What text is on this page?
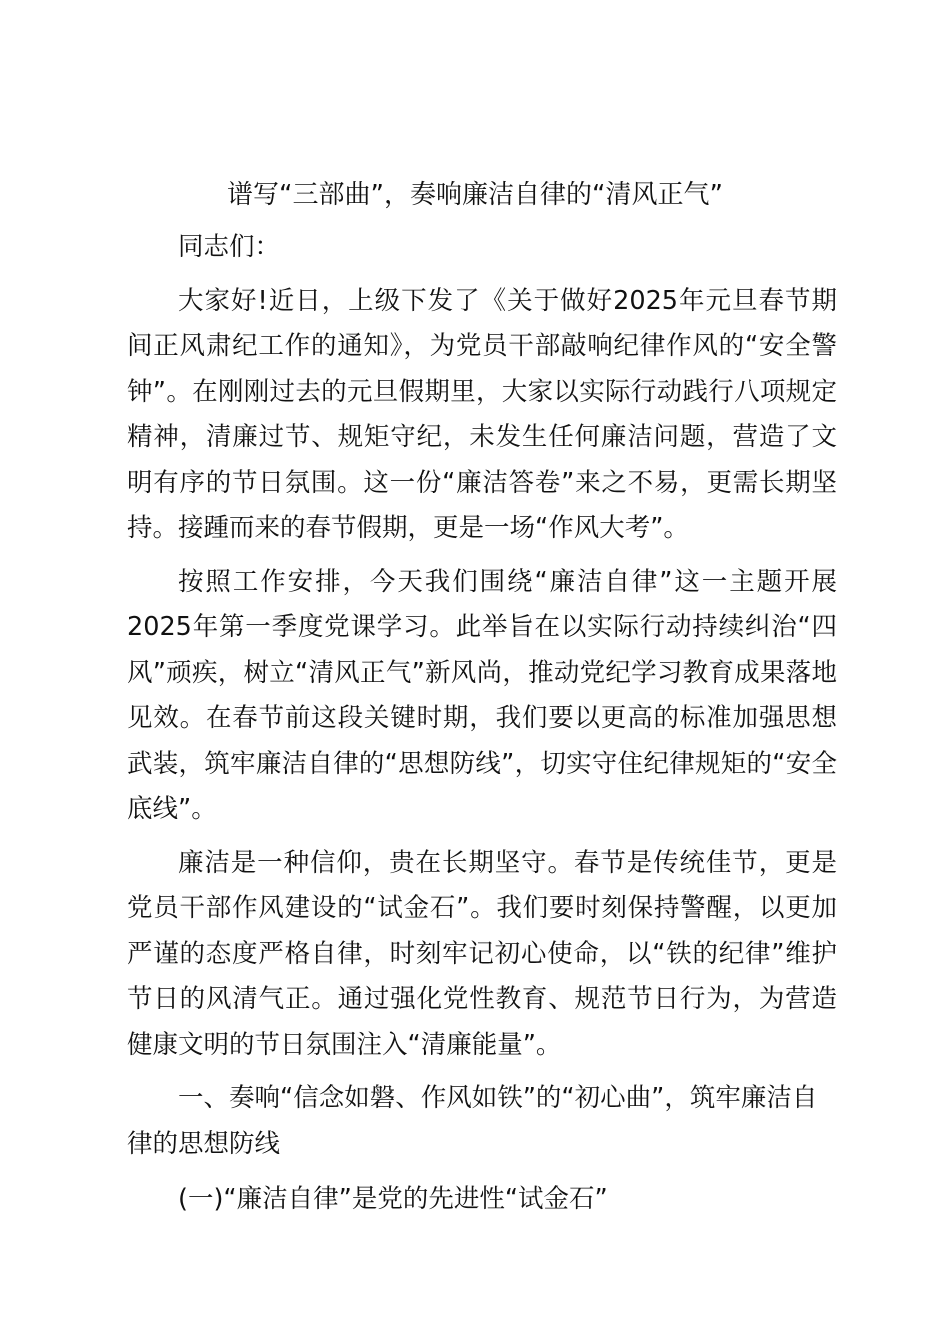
谱写“三部曲”，奏响廉洁自律的“清风正气”

同志们：

大家好!近日，上级下发了《关于做好2025年元旦春节期间正风肃纪工作的通知》，为党员干部敲响纪律作风的“安全警钟”。在刚刚过去的元旦假期里，大家以实际行动践行八项规定精神，清廉过节、规矩守纪，未发生任何廉洁问题，营造了文明有序的节日氛围。这一份“廉洁答卷”来之不易，更需长期坚持。接踵而来的春节假期，更是一场“作风大考”。

按照工作安排，今天我们围绕“廉洁自律”这一主题开展2025年第一季度党课学习。此举旨在以实际行动持续纠治“四风”顽疾，树立“清风正气”新风尚，推动党纪学习教育成果落地见效。在春节前这段关键时期，我们要以更高的标准加强思想武装，筑牢廉洁自律的“思想防线”，切实守住纪律规矩的“安全底线”。

廉洁是一种信仰，贵在长期坚守。春节是传统佳节，更是党员干部作风建设的“试金石”。我们要时刻保持警醒，以更加严谨的态度严格自律，时刻牢记初心使命，以“铁的纪律”维护节日的风清气正。通过强化党性教育、规范节日行为，为营造健康文明的节日氛围注入“清廉能量”。

一、奏响“信念如磐、作风如铁”的“初心曲”，筑牢廉洁自律的思想防线

(一)“廉洁自律”是党的先进性“试金石”
